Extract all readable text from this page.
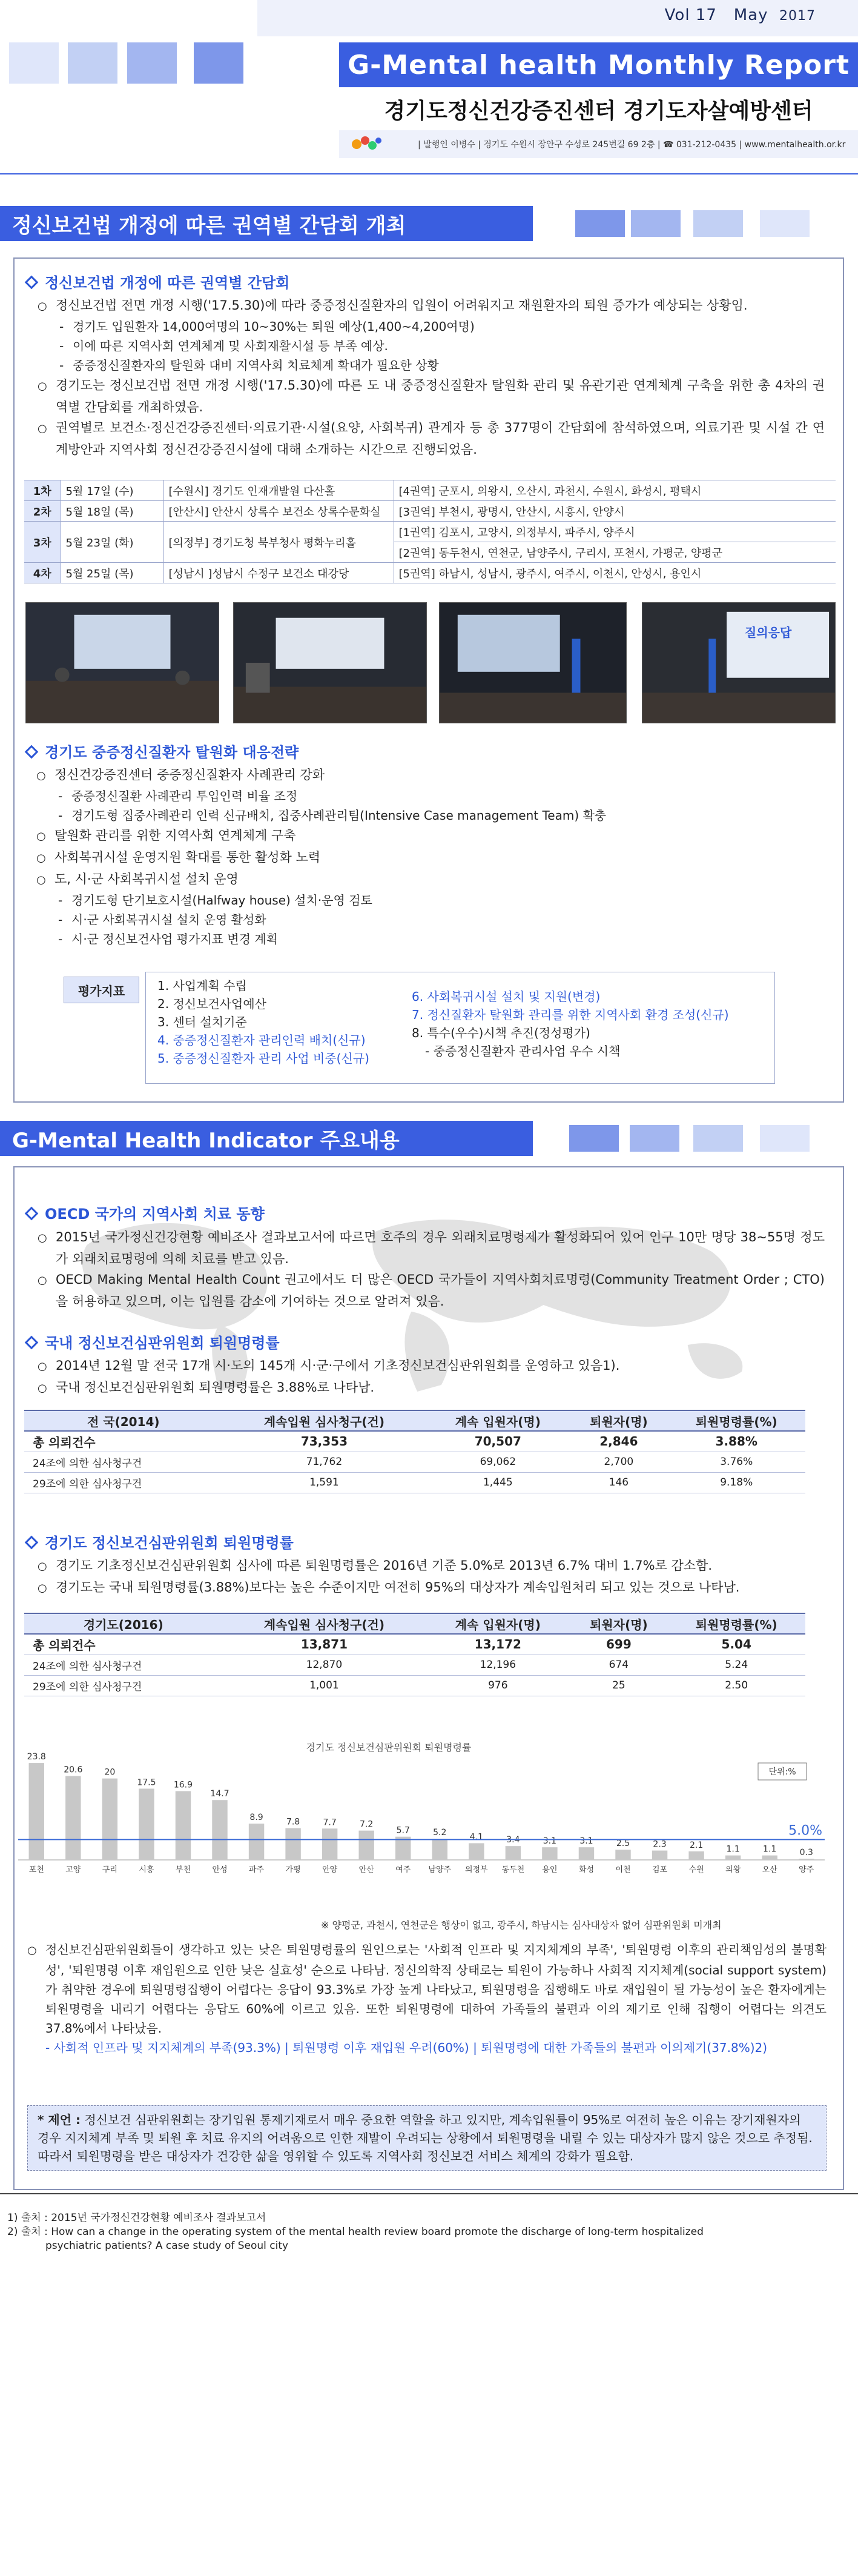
Vol 17 May 2017
G-Mental health Monthly Report
경기도정신건강증진센터 경기도자살예방센터
| 발행인 이병수 | 경기도 수원시 장안구 수성로 245번길 69 2층 | ☎ 031-212-0435 | www.mentalhealth.or.kr
정신보건법 개정에 따른 권역별 간담회 개최
정신보건법 개정에 따른 권역별 간담회
○ 정신보건법 전면 개정 시행('17.5.30)에 따라 중증정신질환자의 입원이 어려워지고 재원환자의 퇴원 증가가 예상되는 상황임.
- 경기도 입원환자 14,000여명의 10~30%는 퇴원 예상(1,400~4,200여명)
- 이에 따른 지역사회 연계체계 및 사회재활시설 등 부족 예상.
- 중증정신질환자의 탈원화 대비 지역사회 치료체계 확대가 필요한 상황
○ 경기도는 정신보건법 전면 개정 시행('17.5.30)에 따른 도 내 중증정신질환자 탈원화 관리 및 유관기관 연계체계 구축을 위한 총 4차의 권역별 간담회를 개최하였음.
○ 권역별로 보건소·정신건강증진센터·의료기관·시설(요양, 사회복귀) 관계자 등 총 377명이 간담회에 참석하였으며, 의료기관 및 시설 간 연계방안과 지역사회 정신건강증진시설에 대해 소개하는 시간으로 진행되었음.
1차	5월 17일 (수)	[수원시] 경기도 인재개발원 다산홀	[4권역] 군포시, 의왕시, 오산시, 과천시, 수원시, 화성시, 평택시
2차	5월 18일 (목)	[안산시] 안산시 상록수 보건소 상록수문화실	[3권역] 부천시, 광명시, 안산시, 시흥시, 안양시
3차	5월 23일 (화)	[의정부] 경기도청 북부청사 평화누리홀	[1권역] 김포시, 고양시, 의정부시, 파주시, 양주시
			[2권역] 동두천시, 연천군, 남양주시, 구리시, 포천시, 가평군, 양평군
4차	5월 25일 (목)	[성남시 ]성남시 수정구 보건소 대강당	[5권역] 하남시, 성남시, 광주시, 여주시, 이천시, 안성시, 용인시
질의응답
경기도 중증정신질환자 탈원화 대응전략
○ 정신건강증진센터 중증정신질환자 사례관리 강화
- 중증정신질환 사례관리 투입인력 비율 조정
- 경기도형 집중사례관리 인력 신규배치, 집중사례관리팀(Intensive Case management Team) 확충
○ 탈원화 관리를 위한 지역사회 연계체계 구축
○ 사회복귀시설 운영지원 확대를 통한 활성화 노력
○ 도, 시·군 사회복귀시설 설치 운영
- 경기도형 단기보호시설(Halfway house) 설치·운영 검토
- 시·군 사회복귀시설 설치 운영 활성화
- 시·군 정신보건사업 평가지표 변경 계획
평가지표	1. 사업계획 수립
2. 정신보건사업예산
3. 센터 설치기준
4. 중증정신질환자 관리인력 배치(신규)
5. 중증정신질환자 관리 사업 비중(신규)
6. 사회복귀시설 설치 및 지원(변경)
7. 정신질환자 탈원화 관리를 위한 지역사회 환경 조성(신규)
8. 특수(우수)시책 추진(정성평가)
- 중증정신질환자 관리사업 우수 시책
G-Mental Health Indicator 주요내용
OECD 국가의 지역사회 치료 동향
○ 2015년 국가정신건강현황 예비조사 결과보고서에 따르면 호주의 경우 외래치료명령제가 활성화되어 있어 인구 10만 명당 38~55명 정도가 외래치료명령에 의해 치료를 받고 있음.
○ OECD Making Mental Health Count 권고에서도 더 많은 OECD 국가들이 지역사회치료명령(Community Treatment Order ; CTO)을 허용하고 있으며, 이는 입원률 감소에 기여하는 것으로 알려져 있음.
국내 정신보건심판위원회 퇴원명령률
○ 2014년 12월 말 전국 17개 시·도의 145개 시·군·구에서 기초정신보건심판위원회를 운영하고 있음1).
○ 국내 정신보건심판위원회 퇴원명령률은 3.88%로 나타남.
전 국(2014)	계속입원 심사청구(건)	계속 입원자(명)	퇴원자(명)	퇴원명령률(%)
총 의뢰건수	73,353	70,507	2,846	3.88%
24조에 의한 심사청구건	71,762	69,062	2,700	3.76%
29조에 의한 심사청구건	1,591	1,445	146	9.18%
경기도 정신보건심판위원회 퇴원명령률
○ 경기도 기초정신보건심판위원회 심사에 따른 퇴원명령률은 2016년 기준 5.0%로 2013년 6.7% 대비 1.7%로 감소함.
○ 경기도는 국내 퇴원명령률(3.88%)보다는 높은 수준이지만 여전히 95%의 대상자가 계속입원처리 되고 있는 것으로 나타남.
경기도(2016)	계속입원 심사청구(건)	계속 입원자(명)	퇴원자(명)	퇴원명령률(%)
총 의뢰건수	13,871	13,172	699	5.04
24조에 의한 심사청구건	12,870	12,196	674	5.24
29조에 의한 심사청구건	1,001	976	25	2.50
경기도 정신보건심판위원회 퇴원명령률
단위:%
23.8
포천
20.6
고양
20
구리
17.5
시흥
16.9
부천
14.7
안성
8.9
파주
7.8
가평
7.7
안양
7.2
안산
5.7
여주
5.2
남양주
4.1
의정부
3.4
동두천
3.1
용인
3.1
화성
2.5
이천
2.3
김포
2.1
수원
1.1
의왕
1.1
오산
0.3
양주
5.0%
※ 양평군, 과천시, 연천군은 행상이 없고, 광주시, 하남시는 심사대상자 없어 심판위원회 미개최
○ 정신보건심판위원회들이 생각하고 있는 낮은 퇴원명령률의 원인으로는 '사회적 인프라 및 지지체계의 부족', '퇴원명령 이후의 관리책임성의 불명확성', '퇴원명령 이후 재입원으로 인한 낮은 실효성' 순으로 나타남. 정신의학적 상태로는 퇴원이 가능하나 사회적 지지체계(social support system)가 취약한 경우에 퇴원명령집행이 어렵다는 응답이 93.3%로 가장 높게 나타났고, 퇴원명령을 집행해도 바로 재입원이 될 가능성이 높은 환자에게는 퇴원명령을 내리기 어렵다는 응답도 60%에 이르고 있음. 또한 퇴원명령에 대하여 가족들의 불편과 이의 제기로 인해 집행이 어렵다는 의견도 37.8%에서 나타났음.
- 사회적 인프라 및 지지체계의 부족(93.3%) | 퇴원명령 이후 재입원 우려(60%) | 퇴원명령에 대한 가족들의 불편과 이의제기(37.8%)2)
* 제언 : 정신보건 심판위원회는 장기입원 통제기재로서 매우 중요한 역할을 하고 있지만, 계속입원률이 95%로 여전히 높은 이유는 장기재원자의 경우 지지체계 부족 및 퇴원 후 치료 유지의 어려움으로 인한 재발이 우려되는 상황에서 퇴원명령을 내릴 수 있는 대상자가 많지 않은 것으로 추정됨. 따라서 퇴원명령을 받은 대상자가 건강한 삶을 영위할 수 있도록 지역사회 정신보건 서비스 체계의 강화가 필요함.
1) 출처 : 2015년 국가정신건강현황 예비조사 결과보고서
2) 출처 : How can a change in the operating system of the mental health review board promote the discharge of long-term hospitalized
psychiatric patients? A case study of Seoul city
